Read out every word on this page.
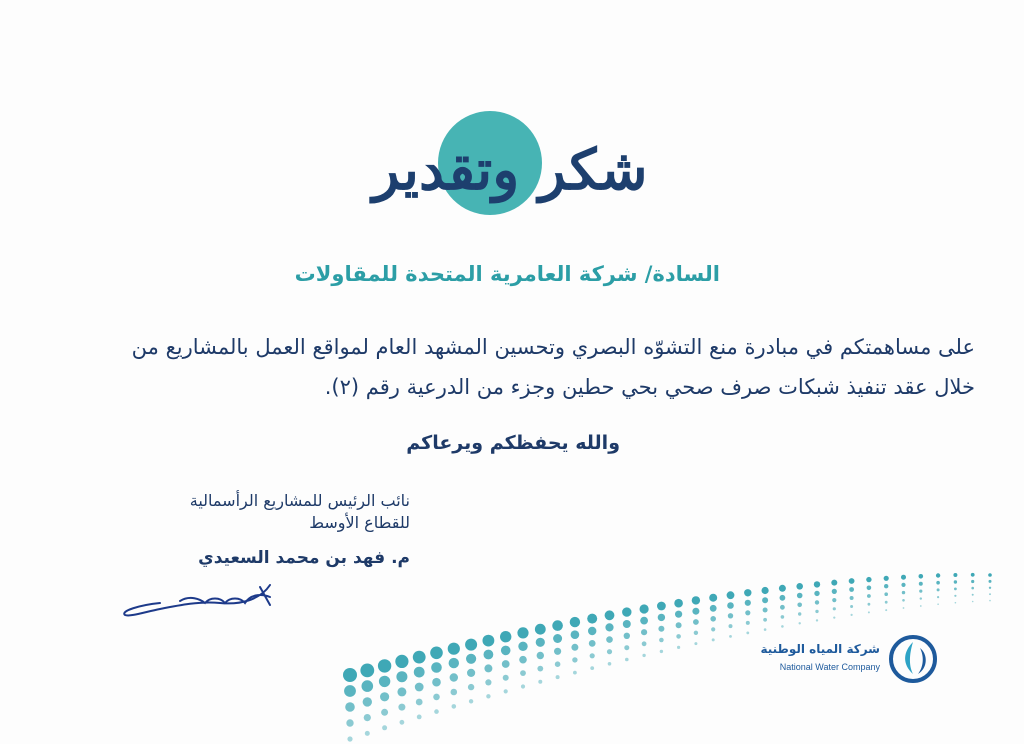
شكر وتقدير
السادة/ شركة العامرية المتحدة للمقاولات
على مساهمتكم في مبادرة منع التشوّه البصري وتحسين المشهد العام لمواقع العمل بالمشاريع من
خلال عقد تنفيذ شبكات صرف صحي بحي حطين وجزء من الدرعية رقم (٢).
والله يحفظكم ويرعاكم
نائب الرئيس للمشاريع الرأسمالية
للقطاع الأوسط
م. فهد بن محمد السعيدي
شركة المياه الوطنية
National Water Company
